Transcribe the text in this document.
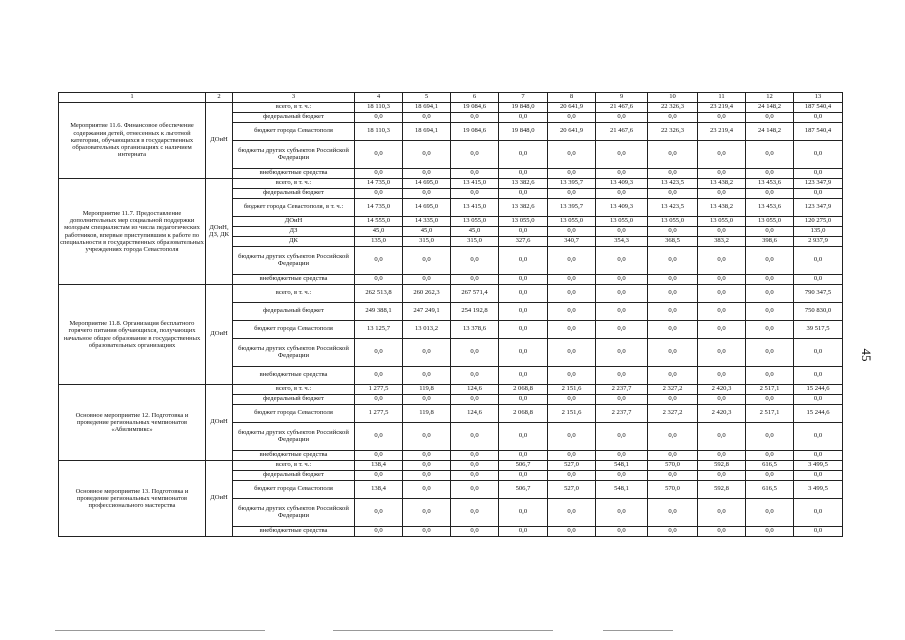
1	2	3	4	5	6	7	8	9	10	11	12	13
Мероприятие 11.6. Финансовое обеспечение содержания детей, отнесенных к льготной категории, обучающихся в государственных образовательных организациях с наличием интерната	ДОиН	всего, в т. ч.:	18 110,3	18 694,1	19 084,6	19 848,0	20 641,9	21 467,6	22 326,3	23 219,4	24 148,2	187 540,4
		федеральный бюджет	0,0	0,0	0,0	0,0	0,0	0,0	0,0	0,0	0,0	0,0
		бюджет города Севастополя	18 110,3	18 694,1	19 084,6	19 848,0	20 641,9	21 467,6	22 326,3	23 219,4	24 148,2	187 540,4
		бюджеты других субъектов Российской Федерации	0,0	0,0	0,0	0,0	0,0	0,0	0,0	0,0	0,0	0,0
		внебюджетные средства	0,0	0,0	0,0	0,0	0,0	0,0	0,0	0,0	0,0	0,0
Мероприятие 11.7. Предоставление дополнительных мер социальной поддержки молодым специалистам из числа педагогических работников, впервые приступившим к работе по специальности в государственных образовательных учреждениях города Севастополя	ДОиН, ДЗ, ДК	всего, в т. ч.:	14 735,0	14 695,0	13 415,0	13 382,6	13 395,7	13 409,3	13 423,5	13 438,2	13 453,6	123 347,9
		федеральный бюджет	0,0	0,0	0,0	0,0	0,0	0,0	0,0	0,0	0,0	0,0
		бюджет города Севастополя, в т. ч.:	14 735,0	14 695,0	13 415,0	13 382,6	13 395,7	13 409,3	13 423,5	13 438,2	13 453,6	123 347,9
		ДОиН	14 555,0	14 335,0	13 055,0	13 055,0	13 055,0	13 055,0	13 055,0	13 055,0	13 055,0	120 275,0
		ДЗ	45,0	45,0	45,0	0,0	0,0	0,0	0,0	0,0	0,0	135,0
		ДК	135,0	315,0	315,0	327,6	340,7	354,3	368,5	383,2	398,6	2 937,9
		бюджеты других субъектов Российской Федерации	0,0	0,0	0,0	0,0	0,0	0,0	0,0	0,0	0,0	0,0
		внебюджетные средства	0,0	0,0	0,0	0,0	0,0	0,0	0,0	0,0	0,0	0,0
Мероприятие 11.8. Организация бесплатного горячего питания обучающихся, получающих начальное общее образование в государственных образовательных организациях	ДОиН	всего, в т. ч.:	262 513,8	260 262,3	267 571,4	0,0	0,0	0,0	0,0	0,0	0,0	790 347,5
		федеральный бюджет	249 388,1	247 249,1	254 192,8	0,0	0,0	0,0	0,0	0,0	0,0	750 830,0
		бюджет города Севастополя	13 125,7	13 013,2	13 378,6	0,0	0,0	0,0	0,0	0,0	0,0	39 517,5
		бюджеты других субъектов Российской Федерации	0,0	0,0	0,0	0,0	0,0	0,0	0,0	0,0	0,0	0,0
		внебюджетные средства	0,0	0,0	0,0	0,0	0,0	0,0	0,0	0,0	0,0	0,0
Основное мероприятие 12. Подготовка и проведение региональных чемпионатов «Абилимпикс»	ДОиН	всего, в т. ч.:	1 277,5	119,8	124,6	2 068,8	2 151,6	2 237,7	2 327,2	2 420,3	2 517,1	15 244,6
		федеральный бюджет	0,0	0,0	0,0	0,0	0,0	0,0	0,0	0,0	0,0	0,0
		бюджет города Севастополя	1 277,5	119,8	124,6	2 068,8	2 151,6	2 237,7	2 327,2	2 420,3	2 517,1	15 244,6
		бюджеты других субъектов Российской Федерации	0,0	0,0	0,0	0,0	0,0	0,0	0,0	0,0	0,0	0,0
		внебюджетные средства	0,0	0,0	0,0	0,0	0,0	0,0	0,0	0,0	0,0	0,0
Основное мероприятие 13. Подготовка и проведение региональных чемпионатов профессионального мастерства	ДОиН	всего, в т. ч.:	138,4	0,0	0,0	506,7	527,0	548,1	570,0	592,8	616,5	3 499,5
		федеральный бюджет	0,0	0,0	0,0	0,0	0,0	0,0	0,0	0,0	0,0	0,0
		бюджет города Севастополя	138,4	0,0	0,0	506,7	527,0	548,1	570,0	592,8	616,5	3 499,5
		бюджеты других субъектов Российской Федерации	0,0	0,0	0,0	0,0	0,0	0,0	0,0	0,0	0,0	0,0
		внебюджетные средства	0,0	0,0	0,0	0,0	0,0	0,0	0,0	0,0	0,0	0,0
45
